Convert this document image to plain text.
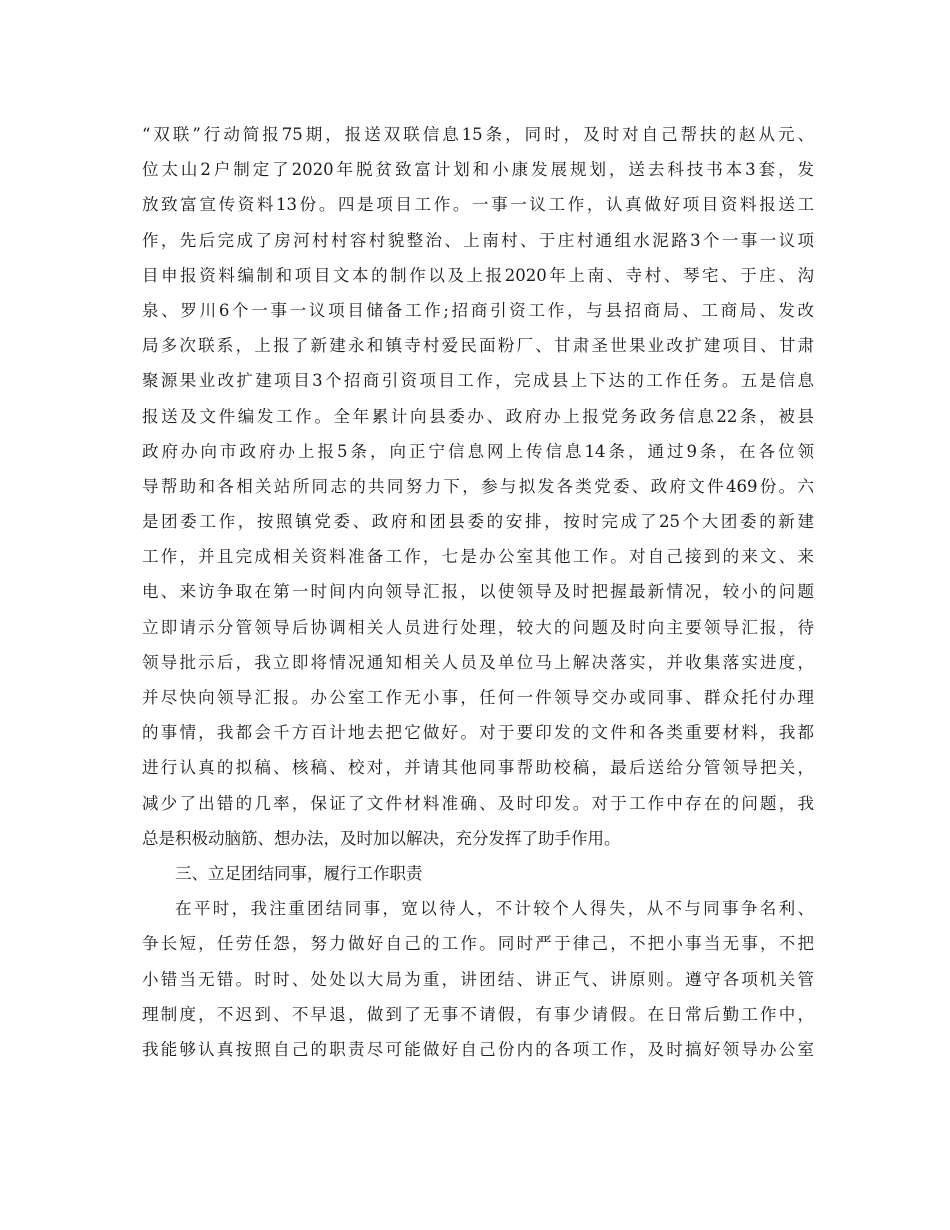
“双联”行动简报75期，报送双联信息15条，同时，及时对自己帮扶的赵从元、
位太山2户制定了2020年脱贫致富计划和小康发展规划，送去科技书本3套，发
放致富宣传资料13份。四是项目工作。一事一议工作，认真做好项目资料报送工
作，先后完成了房河村村容村貌整治、上南村、于庄村通组水泥路3个一事一议项
目申报资料编制和项目文本的制作以及上报2020年上南、寺村、琴宅、于庄、沟
泉、罗川6个一事一议项目储备工作;招商引资工作，与县招商局、工商局、发改
局多次联系，上报了新建永和镇寺村爱民面粉厂、甘肃圣世果业改扩建项目、甘肃
聚源果业改扩建项目3个招商引资项目工作，完成县上下达的工作任务。五是信息
报送及文件编发工作。全年累计向县委办、政府办上报党务政务信息22条，被县
政府办向市政府办上报5条，向正宁信息网上传信息14条，通过9条，在各位领
导帮助和各相关站所同志的共同努力下，参与拟发各类党委、政府文件469份。六
是团委工作，按照镇党委、政府和团县委的安排，按时完成了25个大团委的新建
工作，并且完成相关资料准备工作，七是办公室其他工作。对自己接到的来文、来
电、来访争取在第一时间内向领导汇报，以使领导及时把握最新情况，较小的问题
立即请示分管领导后协调相关人员进行处理，较大的问题及时向主要领导汇报，待
领导批示后，我立即将情况通知相关人员及单位马上解决落实，并收集落实进度，
并尽快向领导汇报。办公室工作无小事，任何一件领导交办或同事、群众托付办理
的事情，我都会千方百计地去把它做好。对于要印发的文件和各类重要材料，我都
进行认真的拟稿、核稿、校对，并请其他同事帮助校稿，最后送给分管领导把关，
减少了出错的几率，保证了文件材料准确、及时印发。对于工作中存在的问题，我
总是积极动脑筋、想办法，及时加以解决，充分发挥了助手作用。
三、立足团结同事，履行工作职责
在平时，我注重团结同事，宽以待人，不计较个人得失，从不与同事争名利、
争长短，任劳任怨，努力做好自己的工作。同时严于律己，不把小事当无事，不把
小错当无错。时时、处处以大局为重，讲团结、讲正气、讲原则。遵守各项机关管
理制度，不迟到、不早退，做到了无事不请假，有事少请假。在日常后勤工作中，
我能够认真按照自己的职责尽可能做好自己份内的各项工作，及时搞好领导办公室
